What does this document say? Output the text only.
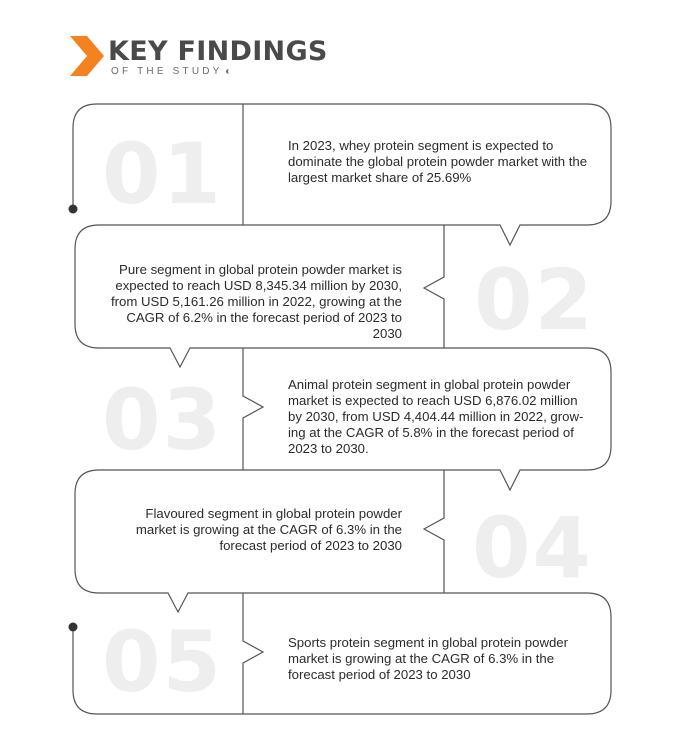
KEY FINDINGS
OF THE STUDY
01	In 2023, whey protein segment is expected to dominate the global protein powder market with the largest market share of 25.69%
02
Pure segment in global protein powder market is expected to reach USD 8,345.34 million by 2030, from USD 5,161.26 million in 2022, growing at the CAGR of 6.2% in the forecast period of 2023 to 2030
03	Animal protein segment in global protein powder market is expected to reach USD 6,876.02 million by 2030, from USD 4,404.44 million in 2022, grow-ing at the CAGR of 5.8% in the forecast period of 2023 to 2030.
04
Flavoured segment in global protein powder market is growing at the CAGR of 6.3% in the forecast period of 2023 to 2030
05	Sports protein segment in global protein powder market is growing at the CAGR of 6.3% in the forecast period of 2023 to 2030
